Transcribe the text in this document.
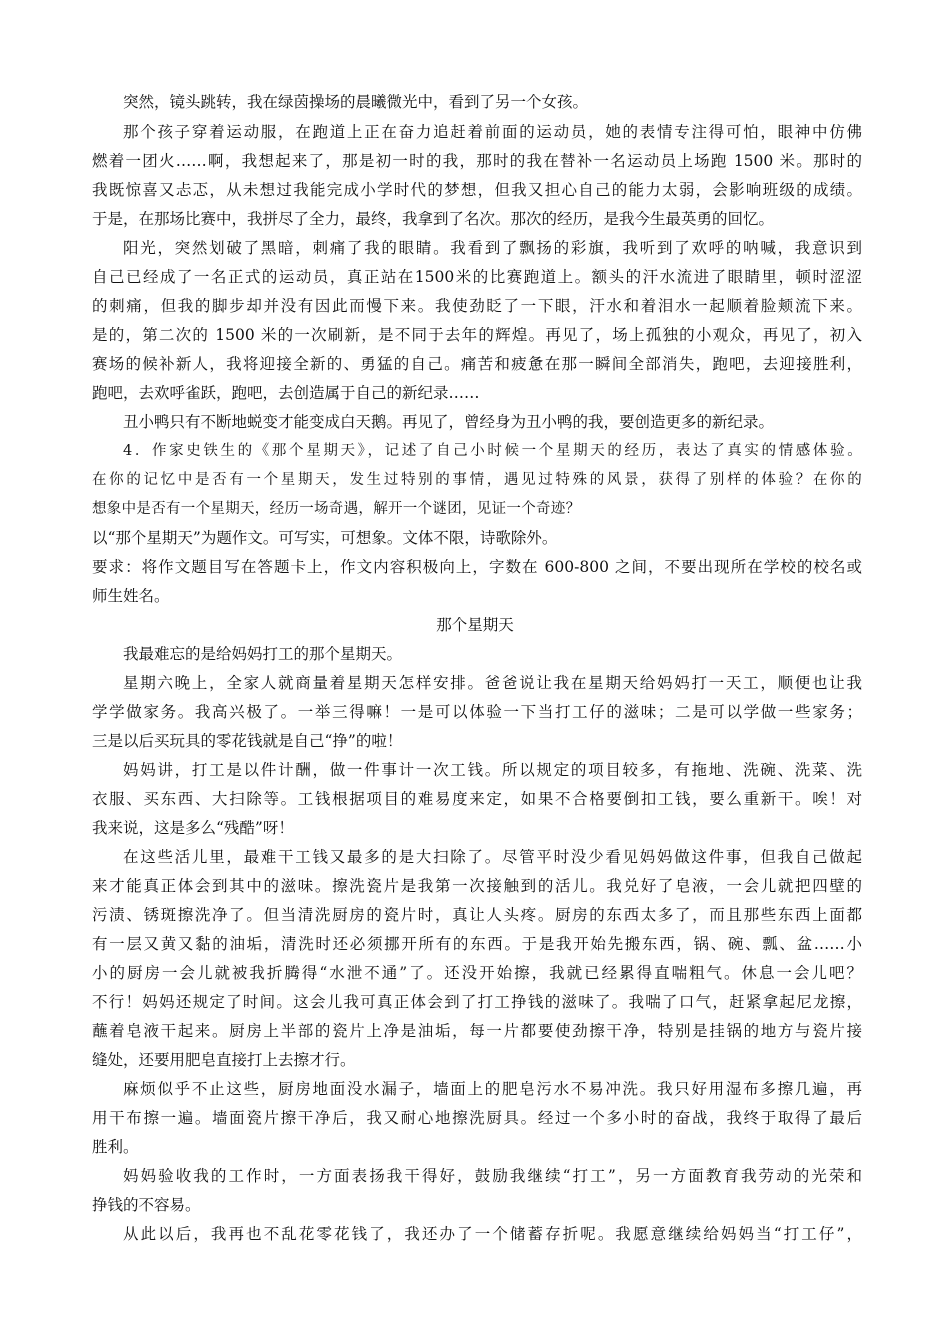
突然，镜头跳转，我在绿茵操场的晨曦微光中，看到了另一个女孩。
那个孩子穿着运动服，在跑道上正在奋力追赶着前面的运动员，她的表情专注得可怕，眼神中仿佛
燃着一团火……啊，我想起来了，那是初一时的我，那时的我在替补一名运动员上场跑 1500 米。那时的
我既惊喜又忐忑，从未想过我能完成小学时代的梦想，但我又担心自己的能力太弱，会影响班级的成绩。
于是，在那场比赛中，我拼尽了全力，最终，我拿到了名次。那次的经历，是我今生最英勇的回忆。
阳光，突然划破了黑暗，刺痛了我的眼睛。我看到了飘扬的彩旗，我听到了欢呼的呐喊，我意识到
自己已经成了一名正式的运动员，真正站在1500米的比赛跑道上。额头的汗水流进了眼睛里，顿时涩涩
的刺痛，但我的脚步却并没有因此而慢下来。我使劲眨了一下眼，汗水和着泪水一起顺着脸颊流下来。
是的，第二次的 1500 米的一次刷新，是不同于去年的辉煌。再见了，场上孤独的小观众，再见了，初入
赛场的候补新人，我将迎接全新的、勇猛的自己。痛苦和疲惫在那一瞬间全部消失，跑吧，去迎接胜利，
跑吧，去欢呼雀跃，跑吧，去创造属于自己的新纪录……
丑小鸭只有不断地蜕变才能变成白天鹅。再见了，曾经身为丑小鸭的我，要创造更多的新纪录。
4．作家史铁生的《那个星期天》，记述了自己小时候一个星期天的经历，表达了真实的情感体验。
在你的记忆中是否有一个星期天，发生过特别的事情，遇见过特殊的风景，获得了别样的体验？在你的
想象中是否有一个星期天，经历一场奇遇，解开一个谜团，见证一个奇迹？
以“那个星期天”为题作文。可写实，可想象。文体不限，诗歌除外。
要求：将作文题目写在答题卡上，作文内容积极向上，字数在 600-800 之间，不要出现所在学校的校名或
师生姓名。
那个星期天
我最难忘的是给妈妈打工的那个星期天。
星期六晚上，全家人就商量着星期天怎样安排。爸爸说让我在星期天给妈妈打一天工，顺便也让我
学学做家务。我高兴极了。一举三得嘛！一是可以体验一下当打工仔的滋味；二是可以学做一些家务；
三是以后买玩具的零花钱就是自己“挣”的啦！
妈妈讲，打工是以件计酬，做一件事计一次工钱。所以规定的项目较多，有拖地、洗碗、洗菜、洗
衣服、买东西、大扫除等。工钱根据项目的难易度来定，如果不合格要倒扣工钱，要么重新干。唉！对
我来说，这是多么“残酷”呀！
在这些活儿里，最难干工钱又最多的是大扫除了。尽管平时没少看见妈妈做这件事，但我自己做起
来才能真正体会到其中的滋味。擦洗瓷片是我第一次接触到的活儿。我兑好了皂液，一会儿就把四壁的
污渍、锈斑擦洗净了。但当清洗厨房的瓷片时，真让人头疼。厨房的东西太多了，而且那些东西上面都
有一层又黄又黏的油垢，清洗时还必须挪开所有的东西。于是我开始先搬东西，锅、碗、瓢、盆……小
小的厨房一会儿就被我折腾得“水泄不通”了。还没开始擦，我就已经累得直喘粗气。休息一会儿吧？
不行！妈妈还规定了时间。这会儿我可真正体会到了打工挣钱的滋味了。我喘了口气，赶紧拿起尼龙擦，
蘸着皂液干起来。厨房上半部的瓷片上净是油垢，每一片都要使劲擦干净，特别是挂锅的地方与瓷片接
缝处，还要用肥皂直接打上去擦才行。
麻烦似乎不止这些，厨房地面没水漏子，墙面上的肥皂污水不易冲洗。我只好用湿布多擦几遍，再
用干布擦一遍。墙面瓷片擦干净后，我又耐心地擦洗厨具。经过一个多小时的奋战，我终于取得了最后
胜利。
妈妈验收我的工作时，一方面表扬我干得好，鼓励我继续“打工”，另一方面教育我劳动的光荣和
挣钱的不容易。
从此以后，我再也不乱花零花钱了，我还办了一个储蓄存折呢。我愿意继续给妈妈当“打工仔”，
